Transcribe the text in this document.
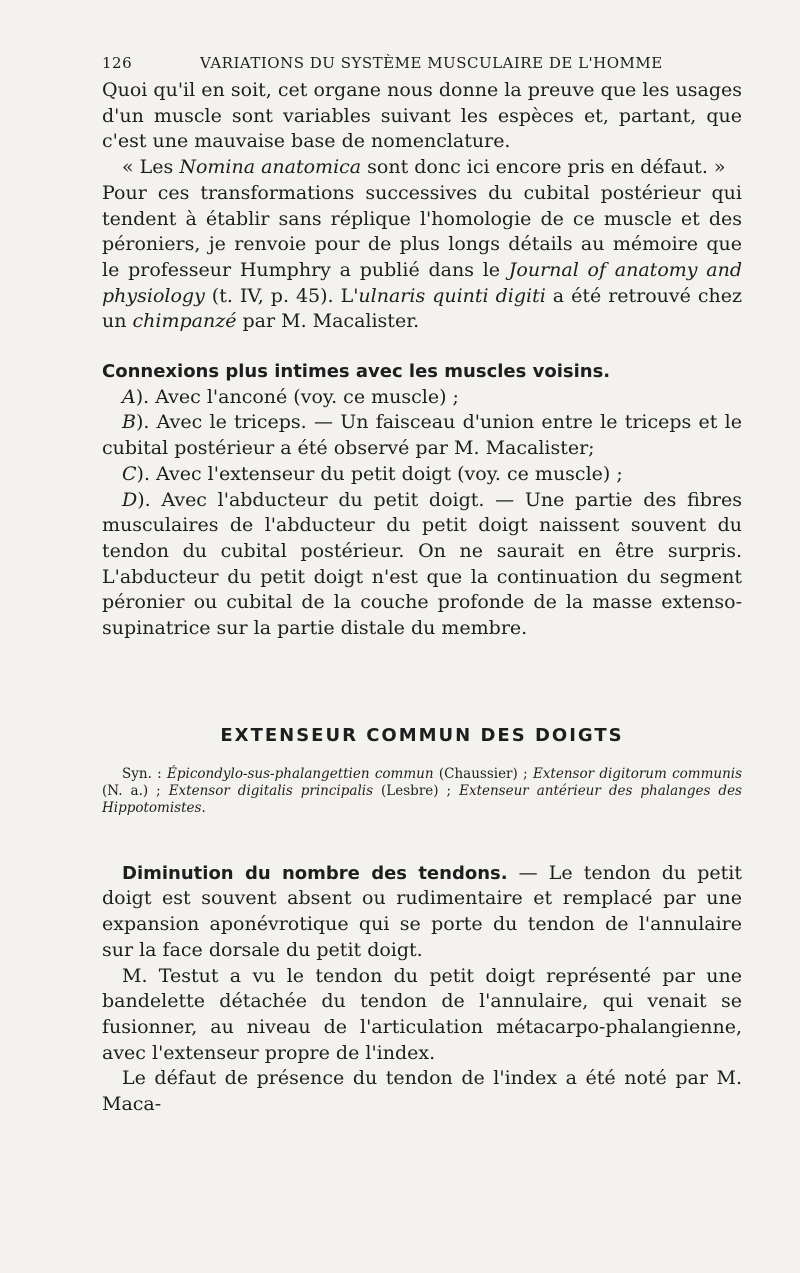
126	VARIATIONS DU SYSTÈME MUSCULAIRE DE L'HOMME

Quoi qu'il en soit, cet organe nous donne la preuve que les usages d'un muscle sont variables suivant les espèces et, partant, que c'est une mauvaise base de nomenclature.

« Les Nomina anatomica sont donc ici encore pris en défaut. »

Pour ces transformations successives du cubital postérieur qui tendent à établir sans réplique l'homologie de ce muscle et des péroniers, je renvoie pour de plus longs détails au mémoire que le professeur Humphry a publié dans le Journal of anatomy and physiology (t. IV, p. 45). L'ulnaris quinti digiti a été retrouvé chez un chimpanzé par M. Macalister.

Connexions plus intimes avec les muscles voisins.

A). Avec l'anconé (voy. ce muscle) ;

B). Avec le triceps. — Un faisceau d'union entre le triceps et le cubital postérieur a été observé par M. Macalister;

C). Avec l'extenseur du petit doigt (voy. ce muscle) ;

D). Avec l'abducteur du petit doigt. — Une partie des fibres musculaires de l'abducteur du petit doigt naissent souvent du tendon du cubital postérieur. On ne saurait en être surpris. L'abducteur du petit doigt n'est que la continuation du segment péronier ou cubital de la couche profonde de la masse extenso-supinatrice sur la partie distale du membre.

EXTENSEUR COMMUN DES DOIGTS

Syn. : Épicondylo-sus-phalangettien commun (Chaussier) ; Extensor digitorum communis (N. a.) ; Extensor digitalis principalis (Lesbre) ; Extenseur antérieur des phalanges des Hippotomistes.

Diminution du nombre des tendons. — Le tendon du petit doigt est souvent absent ou rudimentaire et remplacé par une expansion aponévrotique qui se porte du tendon de l'annulaire sur la face dorsale du petit doigt.

M. Testut a vu le tendon du petit doigt représenté par une bandelette détachée du tendon de l'annulaire, qui venait se fusionner, au niveau de l'articulation métacarpo-phalangienne, avec l'extenseur propre de l'index.

Le défaut de présence du tendon de l'index a été noté par M. Maca-
